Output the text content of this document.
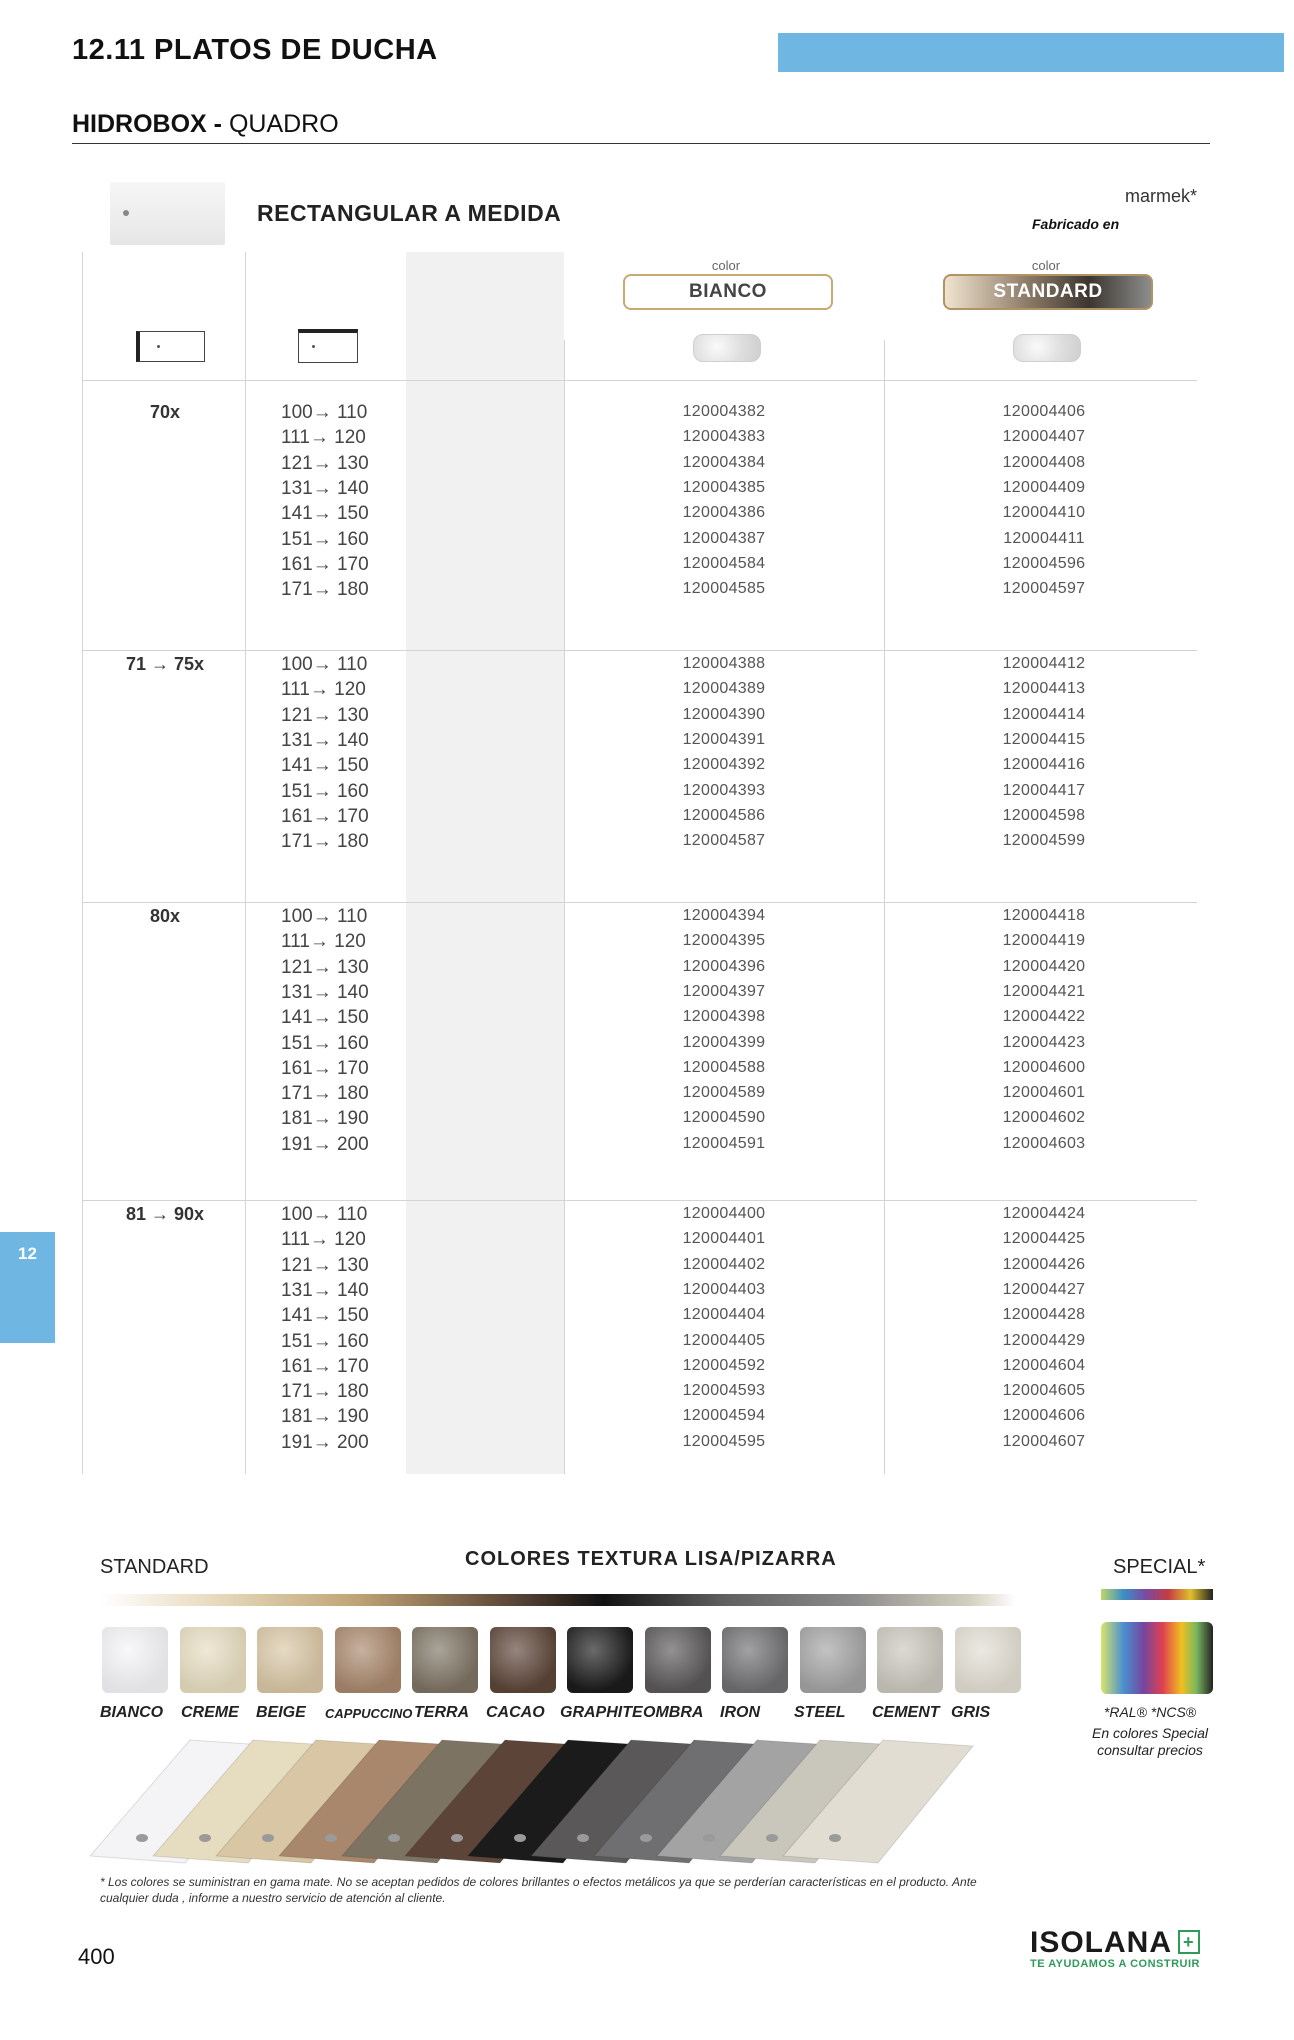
12.11 PLATOS DE DUCHA
HIDROBOX - QUADRO
RECTANGULAR A MEDIDA
marmek*
Fabricado en
color	color
BIANCO	STANDARD
70x	100→ 110	120004382	120004406
111→ 120	120004383	120004407
121→ 130	120004384	120004408
131→ 140	120004385	120004409
141→ 150	120004386	120004410
151→ 160	120004387	120004411
161→ 170	120004584	120004596
171→ 180	120004585	120004597
71 → 75x	100→ 110	120004388	120004412
111→ 120	120004389	120004413
121→ 130	120004390	120004414
131→ 140	120004391	120004415
141→ 150	120004392	120004416
151→ 160	120004393	120004417
161→ 170	120004586	120004598
171→ 180	120004587	120004599
80x	100→ 110	120004394	120004418
111→ 120	120004395	120004419
121→ 130	120004396	120004420
131→ 140	120004397	120004421
141→ 150	120004398	120004422
151→ 160	120004399	120004423
161→ 170	120004588	120004600
171→ 180	120004589	120004601
181→ 190	120004590	120004602
191→ 200	120004591	120004603
81 → 90x	100→ 110	120004400	120004424
111→ 120	120004401	120004425
121→ 130	120004402	120004426
131→ 140	120004403	120004427
141→ 150	120004404	120004428
151→ 160	120004405	120004429
161→ 170	120004592	120004604
171→ 180	120004593	120004605
181→ 190	120004594	120004606
191→ 200	120004595	120004607
12
STANDARD	COLORES TEXTURA LISA/PIZARRA	SPECIAL*
BIANCO CREME BEIGE CAPPUCCINO TERRA CACAO GRAPHITE OMBRA IRON STEEL CEMENT GRIS	*RAL® *NCS®
En colores Special
consultar precios
* Los colores se suministran en gama mate. No se aceptan pedidos de colores brillantes o efectos metálicos ya que se perderían características en el producto. Ante cualquier duda , informe a nuestro servicio de atención al cliente.
400	ISOLANA +
TE AYUDAMOS A CONSTRUIR
